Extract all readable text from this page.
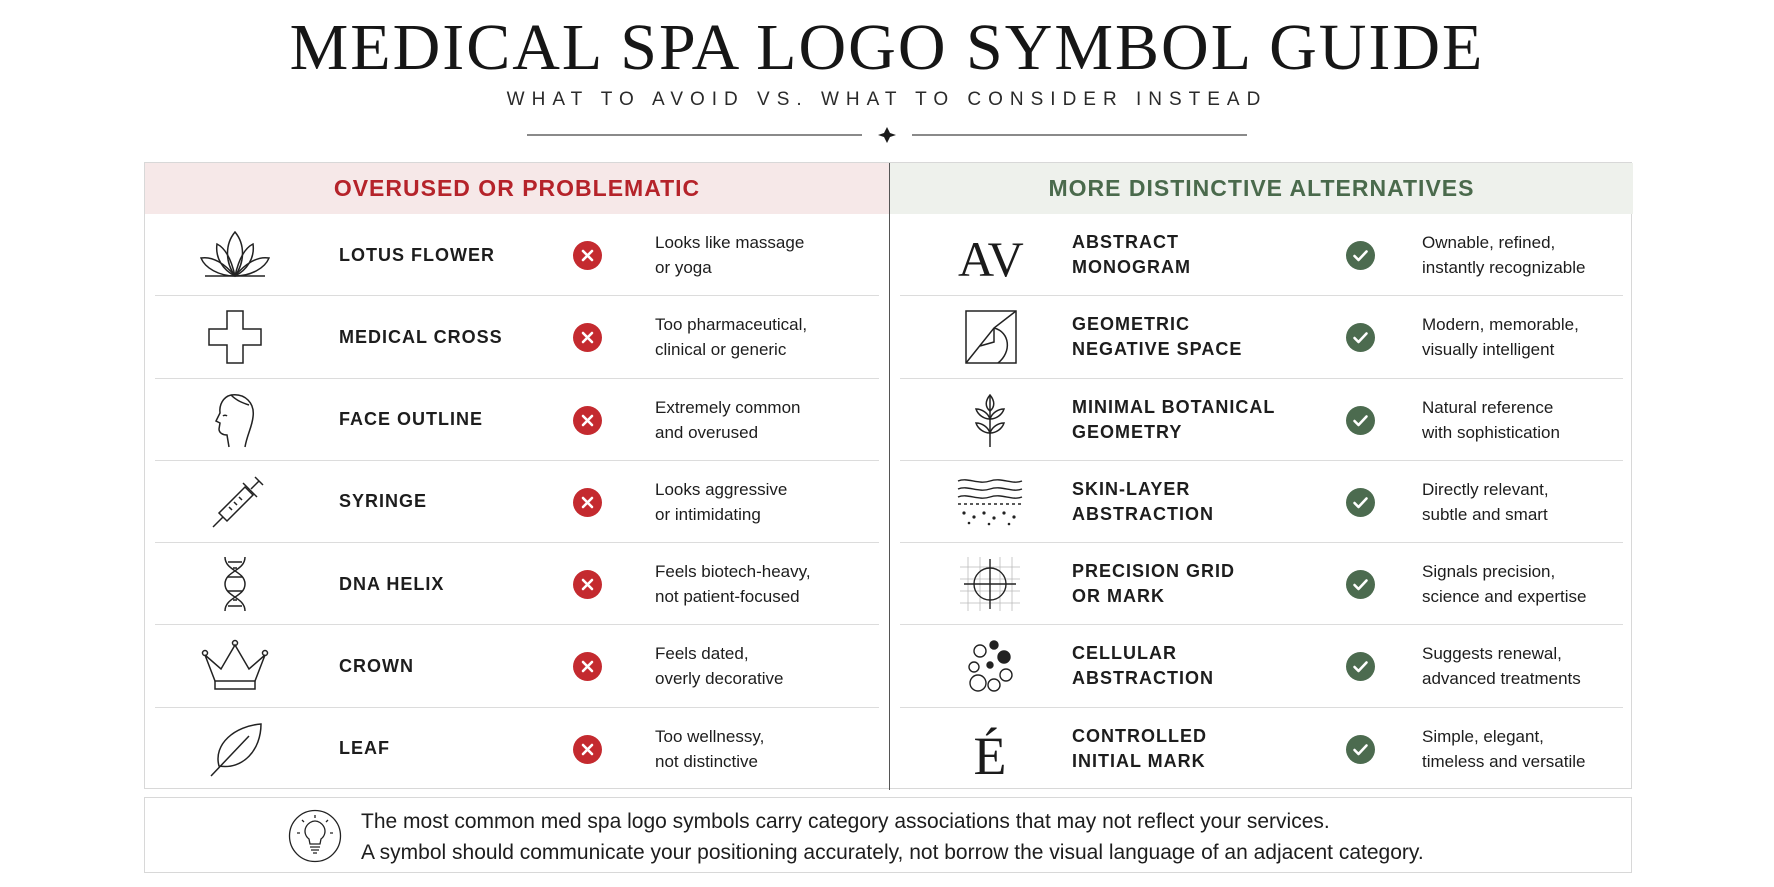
MEDICAL SPA LOGO SYMBOL GUIDE
WHAT TO AVOID VS. WHAT TO CONSIDER INSTEAD
OVERUSED OR PROBLEMATIC
LOTUS FLOWER
Looks like massage
or yoga
MEDICAL CROSS
Too pharmaceutical,
clinical or generic
FACE OUTLINE
Extremely common
and overused
SYRINGE
Looks aggressive
or intimidating
DNA HELIX
Feels biotech-heavy,
not patient-focused
CROWN
Feels dated,
overly decorative
LEAF
Too wellnessy,
not distinctive
MORE DISTINCTIVE ALTERNATIVES
AV	ABSTRACT MONOGRAM

Ownable, refined,
instantly recognizable
GEOMETRIC
NEGATIVE SPACE
Modern, memorable,
visually intelligent
MINIMAL BOTANICAL
GEOMETRY
Natural reference
with sophistication
SKIN-LAYER
ABSTRACTION
Directly relevant,
subtle and smart
PRECISION GRID
OR MARK
Signals precision,
science and expertise
CELLULAR
ABSTRACTION
Suggests renewal,
advanced treatments
É	CONTROLLED
INITIAL MARK
Simple, elegant,
timeless and versatile
The most common med spa logo symbols carry category associations that may not reflect your services.
A symbol should communicate your positioning accurately, not borrow the visual language of an adjacent category.
